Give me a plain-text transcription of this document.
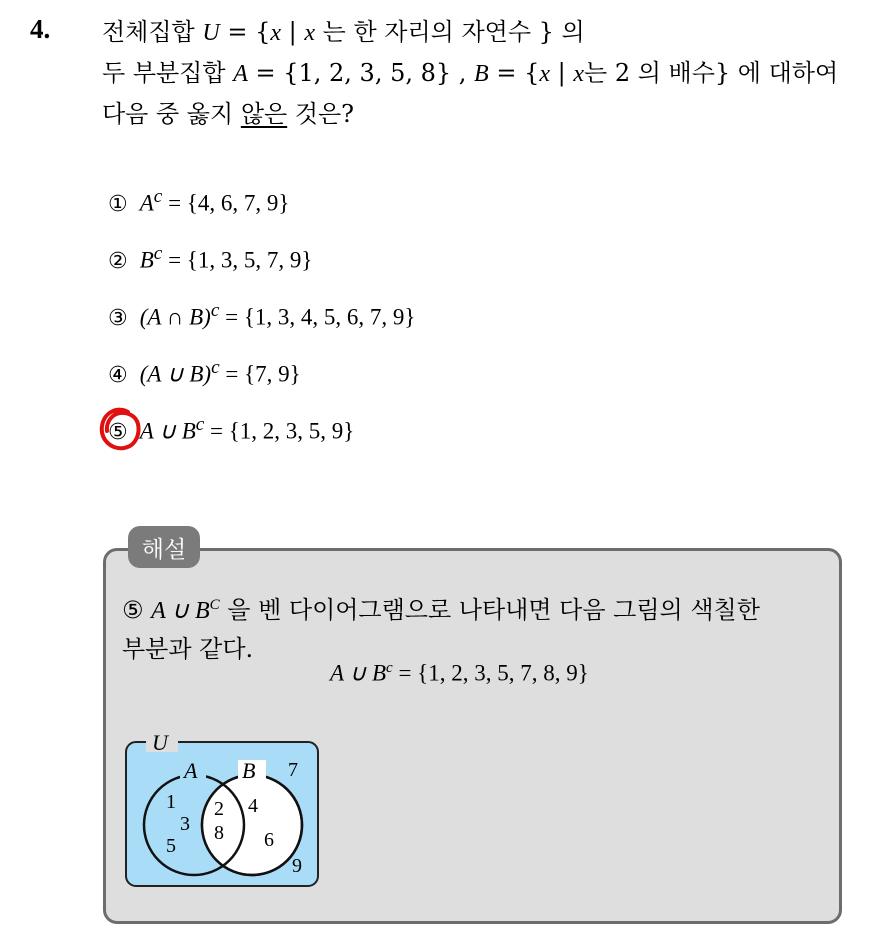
4. 전체집합 U = {x | x 는 한 자리의 자연수 } 의
두 부분집합 A = {1, 2, 3, 5, 8} , B = {x | x는 2 의 배수} 에 대하여
다음 중 옳지 않은 것은?
① $A^c = \{4$, 6, 7, 9}
② $B^c = \{1$, 3, 5, 7, 9}
③ (A ∩ B)$^c$ = {1, 3, 4, 5, 6, 7, 9}
④ (A ∪ B)$^c$ = {7, 9}
⑤ A ∪ $B^c = \{1$, 2, 3, 5, 9}
해설
⑤ A ∪ $B^C$ 을 벤 다이어그램으로 나타내면 다음 그림의 색칠한
부분과 같다.
A ∪ $B^c = \{1$, 2, 3, 5, 7, 8, 9}
U
A B
1
3
5
2
8
4
6
7
9
